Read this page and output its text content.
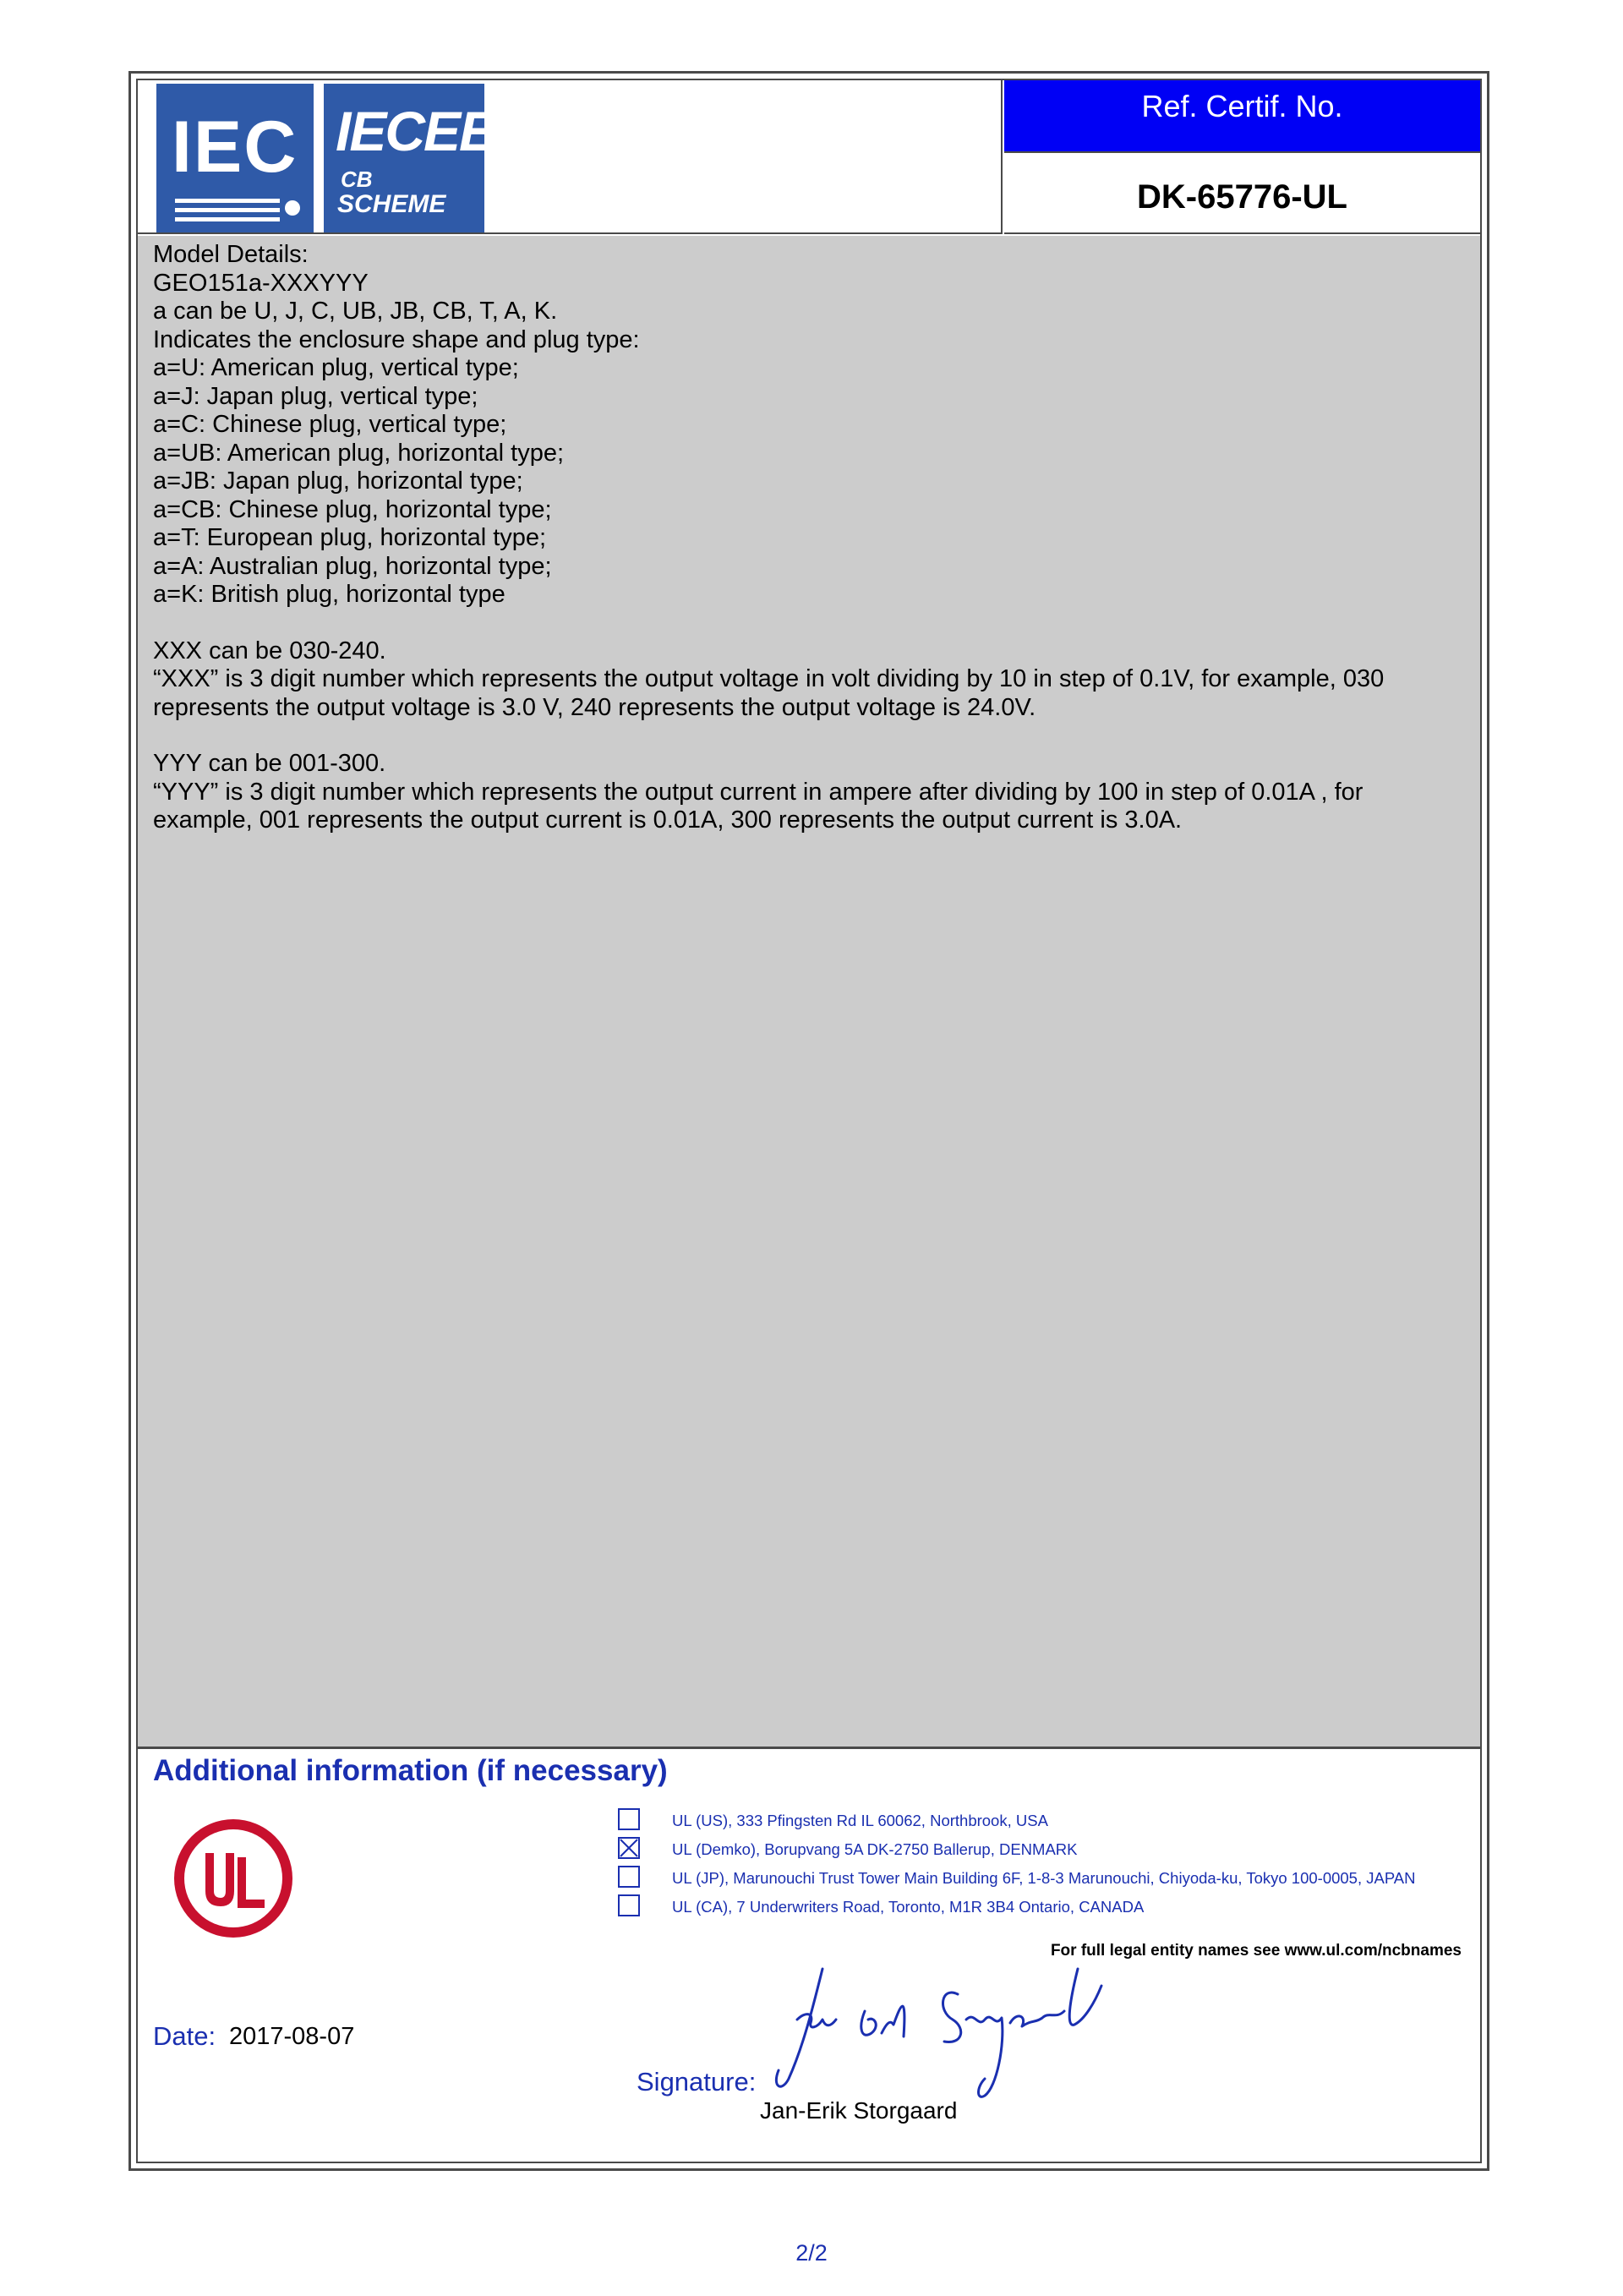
IEC IECEE
CB
SCHEME
Ref. Certif. No.
DK-65776-UL

Model Details:

GEO151a-XXXYYY

a can be U, J, C, UB, JB, CB, T, A, K.

Indicates the enclosure shape and plug type:

a=U: American plug, vertical type;

a=J: Japan plug, vertical type;

a=C: Chinese plug, vertical type;

a=UB: American plug, horizontal type;

a=JB: Japan plug, horizontal type;

a=CB: Chinese plug, horizontal type;

a=T: European plug, horizontal type;

a=A: Australian plug, horizontal type;

a=K: British plug, horizontal type

XXX can be 030-240.

“XXX” is 3 digit number which represents the output voltage in volt dividing by 10 in step of 0.1V, for example, 030

represents the output voltage is 3.0 V, 240 represents the output voltage is 24.0V.

YYY can be 001-300.

“YYY” is 3 digit number which represents the output current in ampere after dividing by 100 in step of 0.01A , for

example, 001 represents the output current is 0.01A, 300 represents the output current is 3.0A.

Additional information (if necessary)
UL (US), 333 Pfingsten Rd IL 60062, Northbrook, USA
UL (Demko), Borupvang 5A DK-2750 Ballerup, DENMARK
UL (JP), Marunouchi Trust Tower Main Building 6F, 1-8-3 Marunouchi, Chiyoda-ku, Tokyo 100-0005, JAPAN
UL (CA), 7 Underwriters Road, Toronto, M1R 3B4 Ontario, CANADA
For full legal entity names see www.ul.com/ncbnames
Date: 2017-08-07
Signature:
Jan-Erik Storgaard
2/2
